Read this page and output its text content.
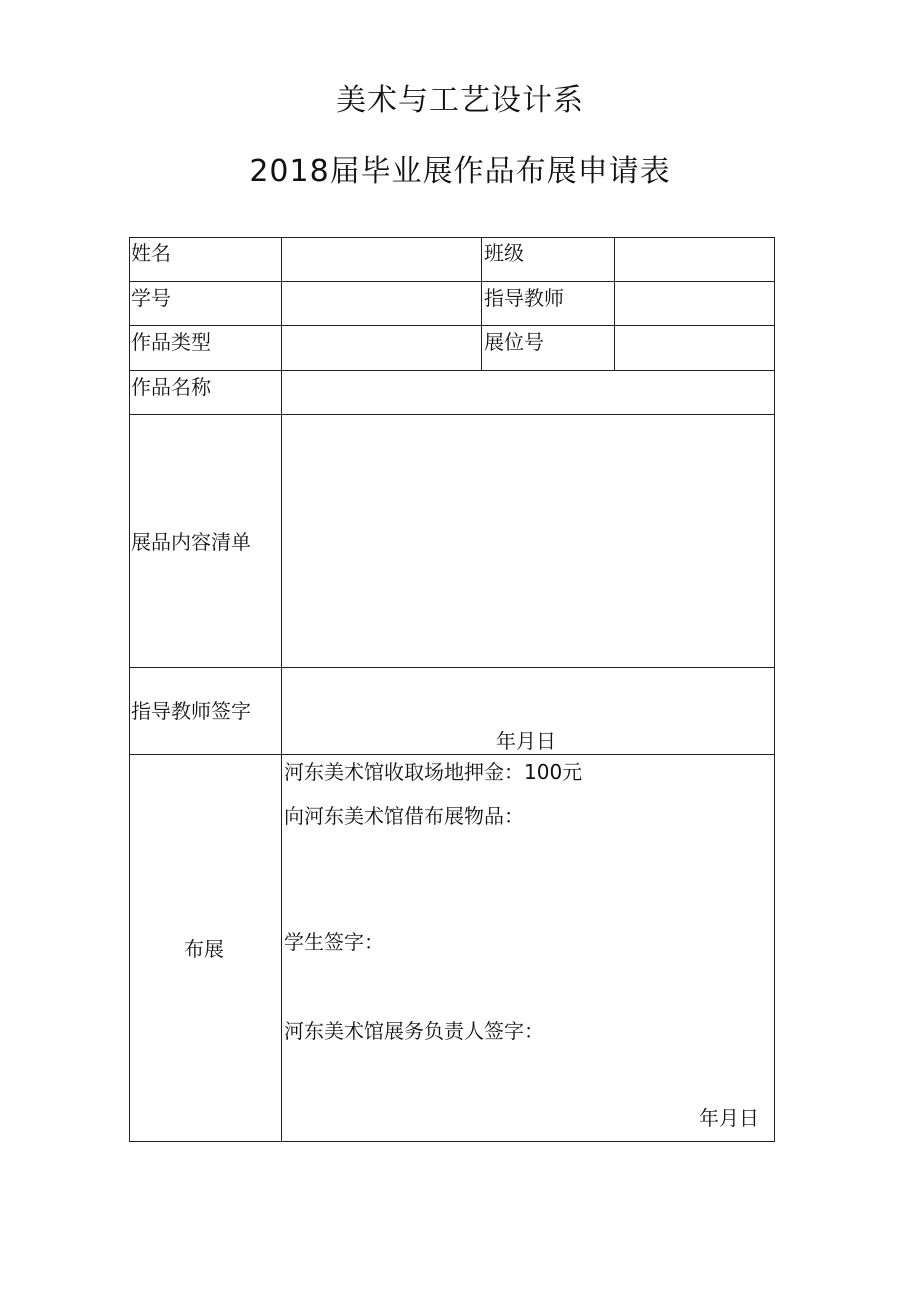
美术与工艺设计系
2018届毕业展作品布展申请表
姓名	班级
学号	指导教师
作品类型	展位号
作品名称
展品内容清单
指导教师签字
年月日
布展
河东美术馆收取场地押金：100元
向河东美术馆借布展物品：
学生签字：
河东美术馆展务负责人签字：
年月日
